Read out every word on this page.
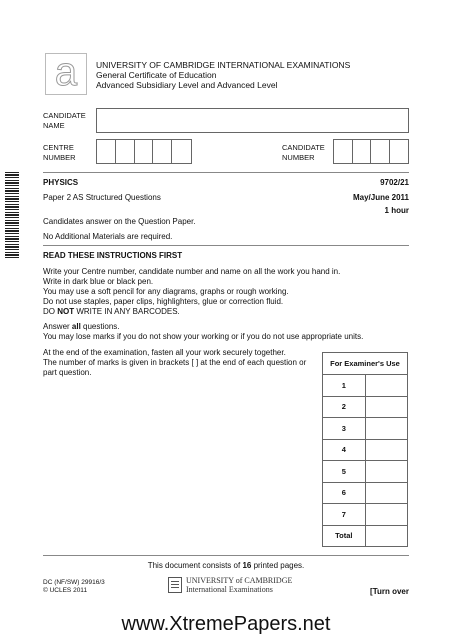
a	UNIVERSITY OF CAMBRIDGE INTERNATIONAL EXAMINATIONS
General Certificate of Education
Advanced Subsidiary Level and Advanced Level
CANDIDATE
NAME
CENTRE
NUMBER
CANDIDATE
NUMBER
PHYSICS	9702/21
Paper 2 AS Structured Questions	May/June 2011
1 hour
Candidates answer on the Question Paper.
No Additional Materials are required.
READ THESE INSTRUCTIONS FIRST
Write your Centre number, candidate number and name on all the work you hand in.
Write in dark blue or black pen.
You may use a soft pencil for any diagrams, graphs or rough working.
Do not use staples, paper clips, highlighters, glue or correction fluid.
DO NOT WRITE IN ANY BARCODES.
Answer all questions.
You may lose marks if you do not show your working or if you do not use appropriate units.
At the end of the examination, fasten all your work securely together.
The number of marks is given in brackets [ ] at the end of each question or
part question.
For Examiner's Use	
1	
2	
3	
4	
5	
6	
7	
Total	
This document consists of 16 printed pages.
DC (NF/SW) 29916/3
© UCLES 2011
UNIVERSITY of CAMBRIDGE
International Examinations	[Turn over
www.XtremePapers.net
